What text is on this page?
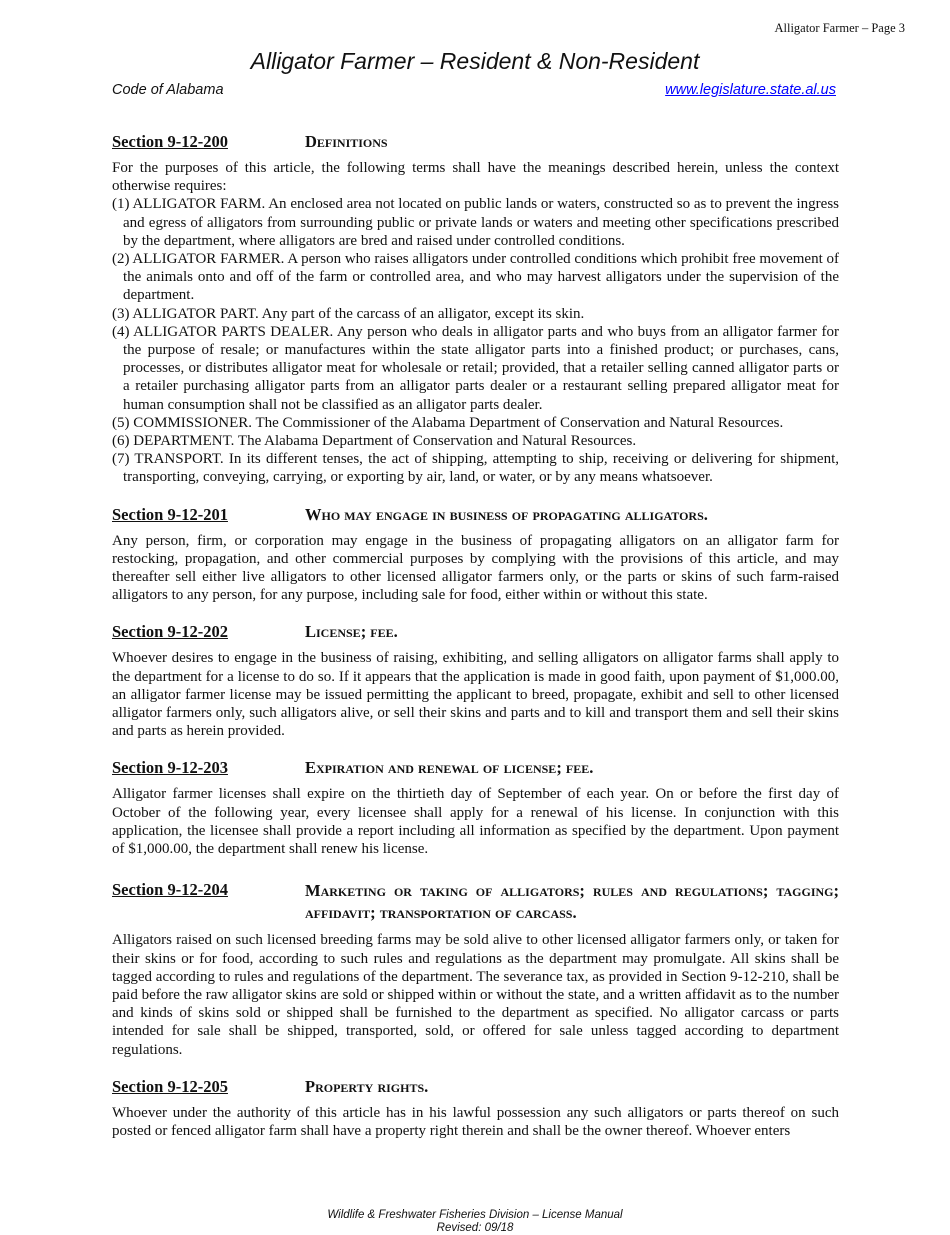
Alligator Farmer – Page 3
Alligator Farmer – Resident & Non-Resident
Code of Alabama	www.legislature.state.al.us
Section 9-12-200	Definitions

For the purposes of this article, the following terms shall have the meanings described herein, unless the context otherwise requires:

(1) ALLIGATOR FARM. An enclosed area not located on public lands or waters, constructed so as to prevent the ingress and egress of alligators from surrounding public or private lands or waters and meeting other specifications prescribed by the department, where alligators are bred and raised under controlled conditions.
(2) ALLIGATOR FARMER. A person who raises alligators under controlled conditions which prohibit free movement of the animals onto and off of the farm or controlled area, and who may harvest alligators under the supervision of the department.
(3) ALLIGATOR PART. Any part of the carcass of an alligator, except its skin.
(4) ALLIGATOR PARTS DEALER. Any person who deals in alligator parts and who buys from an alligator farmer for the purpose of resale; or manufactures within the state alligator parts into a finished product; or purchases, cans, processes, or distributes alligator meat for wholesale or retail; provided, that a retailer selling canned alligator parts or a retailer purchasing alligator parts from an alligator parts dealer or a restaurant selling prepared alligator meat for human consumption shall not be classified as an alligator parts dealer.
(5) COMMISSIONER. The Commissioner of the Alabama Department of Conservation and Natural Resources.
(6) DEPARTMENT. The Alabama Department of Conservation and Natural Resources.
(7) TRANSPORT. In its different tenses, the act of shipping, attempting to ship, receiving or delivering for shipment, transporting, conveying, carrying, or exporting by air, land, or water, or by any means whatsoever.
Section 9-12-201	Who may engage in business of propagating alligators.

Any person, firm, or corporation may engage in the business of propagating alligators on an alligator farm for restocking, propagation, and other commercial purposes by complying with the provisions of this article, and may thereafter sell either live alligators to other licensed alligator farmers only, or the parts or skins of such farm-raised alligators to any person, for any purpose, including sale for food, either within or without this state.

Section 9-12-202	License; fee.

Whoever desires to engage in the business of raising, exhibiting, and selling alligators on alligator farms shall apply to the department for a license to do so. If it appears that the application is made in good faith, upon payment of $1,000.00, an alligator farmer license may be issued permitting the applicant to breed, propagate, exhibit and sell to other licensed alligator farmers only, such alligators alive, or sell their skins and parts and to kill and transport them and sell their skins and parts as herein provided.

Section 9-12-203	Expiration and renewal of license; fee.

Alligator farmer licenses shall expire on the thirtieth day of September of each year. On or before the first day of October of the following year, every licensee shall apply for a renewal of his license. In conjunction with this application, the licensee shall provide a report including all information as specified by the department. Upon payment of $1,000.00, the department shall renew his license.

Section 9-12-204	Marketing or taking of alligators; rules and regulations; tagging; affidavit; transportation of carcass.

Alligators raised on such licensed breeding farms may be sold alive to other licensed alligator farmers only, or taken for their skins or for food, according to such rules and regulations as the department may promulgate. All skins shall be tagged according to rules and regulations of the department. The severance tax, as provided in Section 9-12-210, shall be paid before the raw alligator skins are sold or shipped within or without the state, and a written affidavit as to the number and kinds of skins sold or shipped shall be furnished to the department as specified. No alligator carcass or parts intended for sale shall be shipped, transported, sold, or offered for sale unless tagged according to department regulations.

Section 9-12-205	Property rights.

Whoever under the authority of this article has in his lawful possession any such alligators or parts thereof on such posted or fenced alligator farm shall have a property right therein and shall be the owner thereof. Whoever enters

Wildlife & Freshwater Fisheries Division – License Manual
Revised: 09/18
